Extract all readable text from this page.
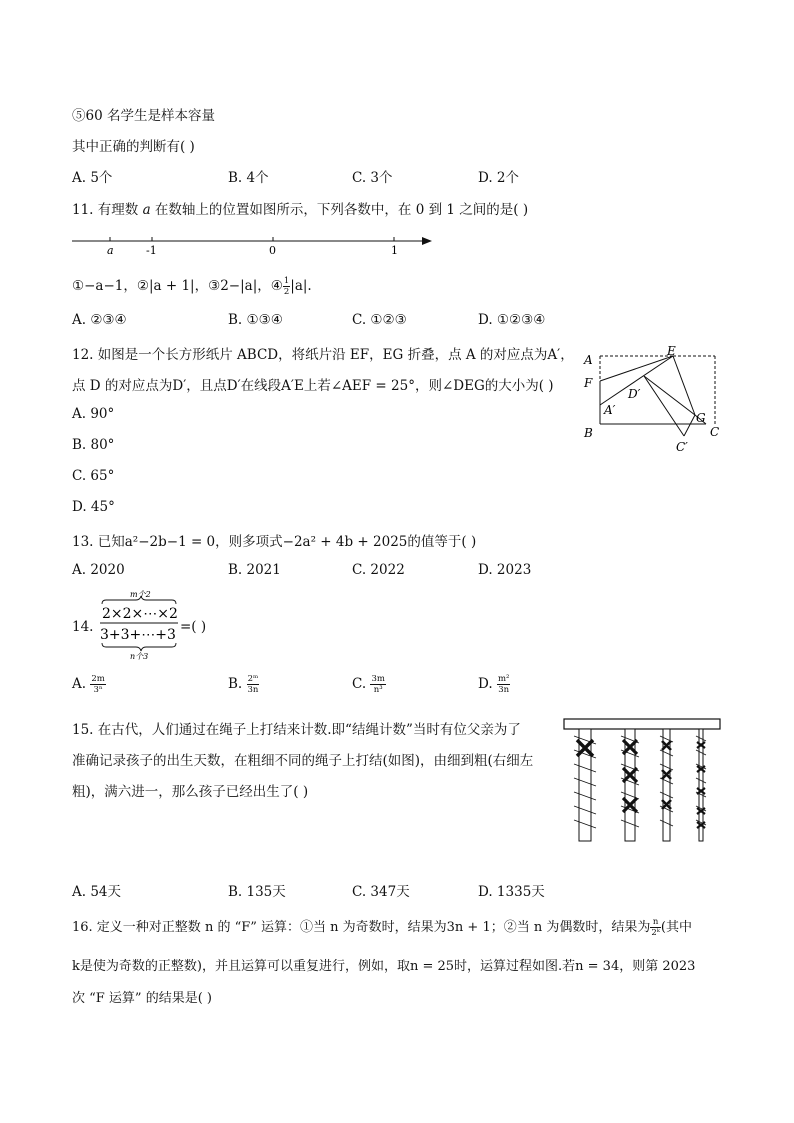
⑤60 名学生是样本容量
其中正确的判断有( )
A. 5个	B. 4个	C. 3个	D. 2个
11. 有理数 a 在数轴上的位置如图所示，下列各数中，在 0 到 1 之间的是( )
a	-1	0	1
①−a−1，②|a + 1|，③2−|a|，④ $\frac{1}{2} |a|$.
A. ②③④	B. ①③④	C. ①②③	D. ①②③④
12. 如图是一个长方形纸片 ABCD，将纸片沿 EF，EG 折叠，点 A 的对应点为A′，
点 D 的对应点为D′，且点D′在线段A′E上若∠AEF = 25°，则∠DEG的大小为( )
A. 90°
B. 80°
C. 65°
D. 45°
A
E
F
D′
A′
G
B	C
C′
13. 已知a²−2b−1 = 0，则多项式−2a² + 4b + 2025的值等于( )
A. 2020	B. 2021	C. 2022	D. 2023
14.
m个2
2×2×⋯×2
3+3+⋯+3
n个3
=( )
A. $\frac{2m}{\text{3ⁿ}}$	B. $\frac{\text{2ᵐ}}{3n}$	C. $\frac{3m}{\text{n³}}$	D. $\frac{\text{m²}}{3n}$
15. 在古代，人们通过在绳子上打结来计数.即“结绳计数”当时有位父亲为了
准确记录孩子的出生天数，在粗细不同的绳子上打结(如图)，由细到粗(右细左
粗)，满六进一，那么孩子已经出生了( )
A. 54天	B. 135天	C. 347天	D. 1335天
16. 定义一种对正整数 n 的 “F” 运算：①当 n 为奇数时，结果为3n + 1；②当 n 为偶数时，结果为 $\frac{n}{\text{2ᵏ}}$ (其中
k是使为奇数的正整数)，并且运算可以重复进行，例如，取n = 25时，运算过程如图.若n = 34，则第 2023
次 “F 运算” 的结果是( )
